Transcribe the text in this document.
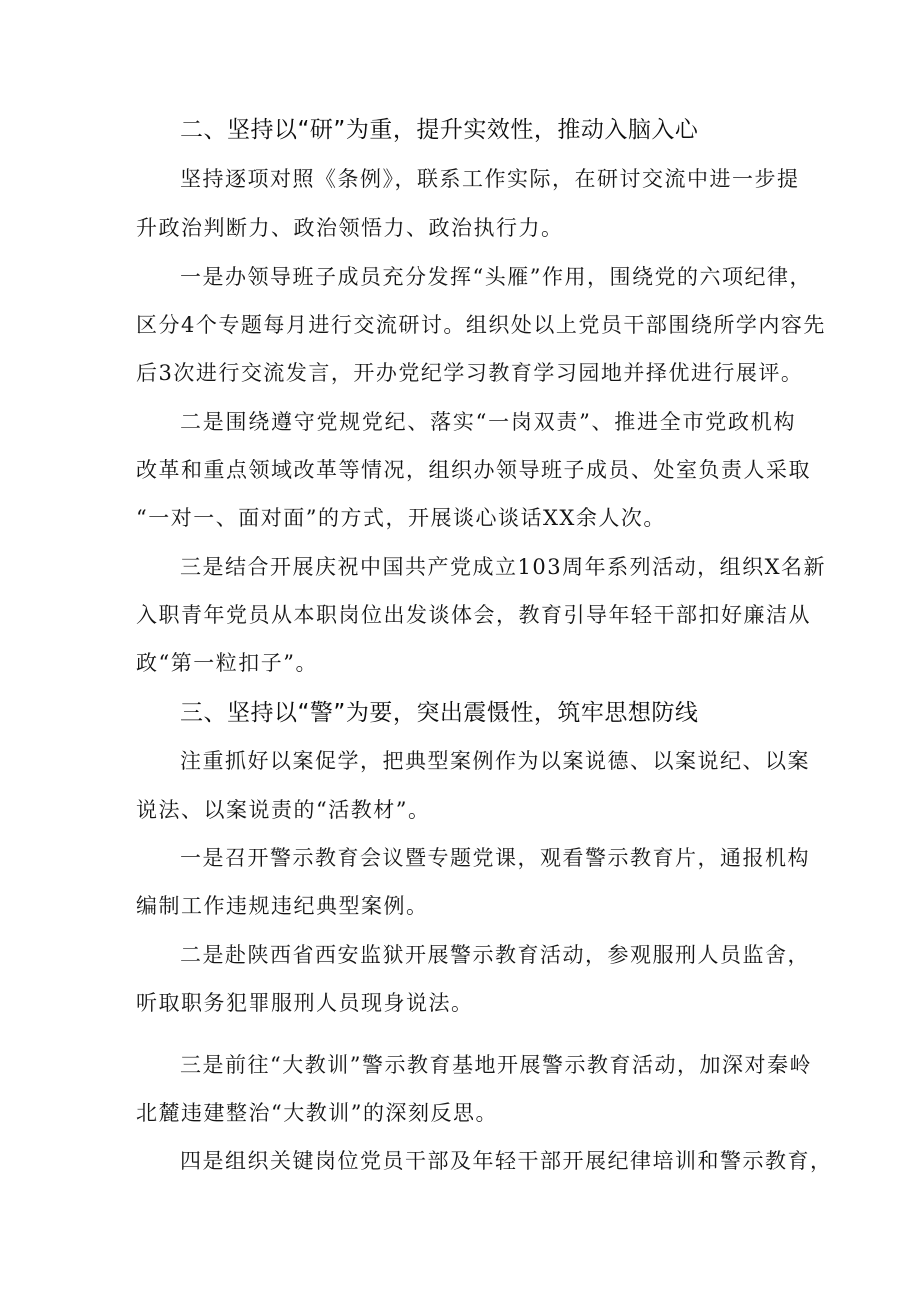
二、坚持以“研”为重，提升实效性，推动入脑入心
坚持逐项对照《条例》，联系工作实际，在研讨交流中进一步提
升政治判断力、政治领悟力、政治执行力。
一是办领导班子成员充分发挥“头雁”作用，围绕党的六项纪律，
区分4个专题每月进行交流研讨。组织处以上党员干部围绕所学内容先
后3次进行交流发言，开办党纪学习教育学习园地并择优进行展评。
二是围绕遵守党规党纪、落实“一岗双责”、推进全市党政机构
改革和重点领域改革等情况，组织办领导班子成员、处室负责人采取
“一对一、面对面”的方式，开展谈心谈话XX余人次。
三是结合开展庆祝中国共产党成立103周年系列活动，组织X名新
入职青年党员从本职岗位出发谈体会，教育引导年轻干部扣好廉洁从
政“第一粒扣子”。
三、坚持以“警”为要，突出震慑性，筑牢思想防线
注重抓好以案促学，把典型案例作为以案说德、以案说纪、以案
说法、以案说责的“活教材”。
一是召开警示教育会议暨专题党课，观看警示教育片，通报机构
编制工作违规违纪典型案例。
二是赴陕西省西安监狱开展警示教育活动，参观服刑人员监舍，
听取职务犯罪服刑人员现身说法。
三是前往“大教训”警示教育基地开展警示教育活动，加深对秦岭
北麓违建整治“大教训”的深刻反思。
四是组织关键岗位党员干部及年轻干部开展纪律培训和警示教育，
